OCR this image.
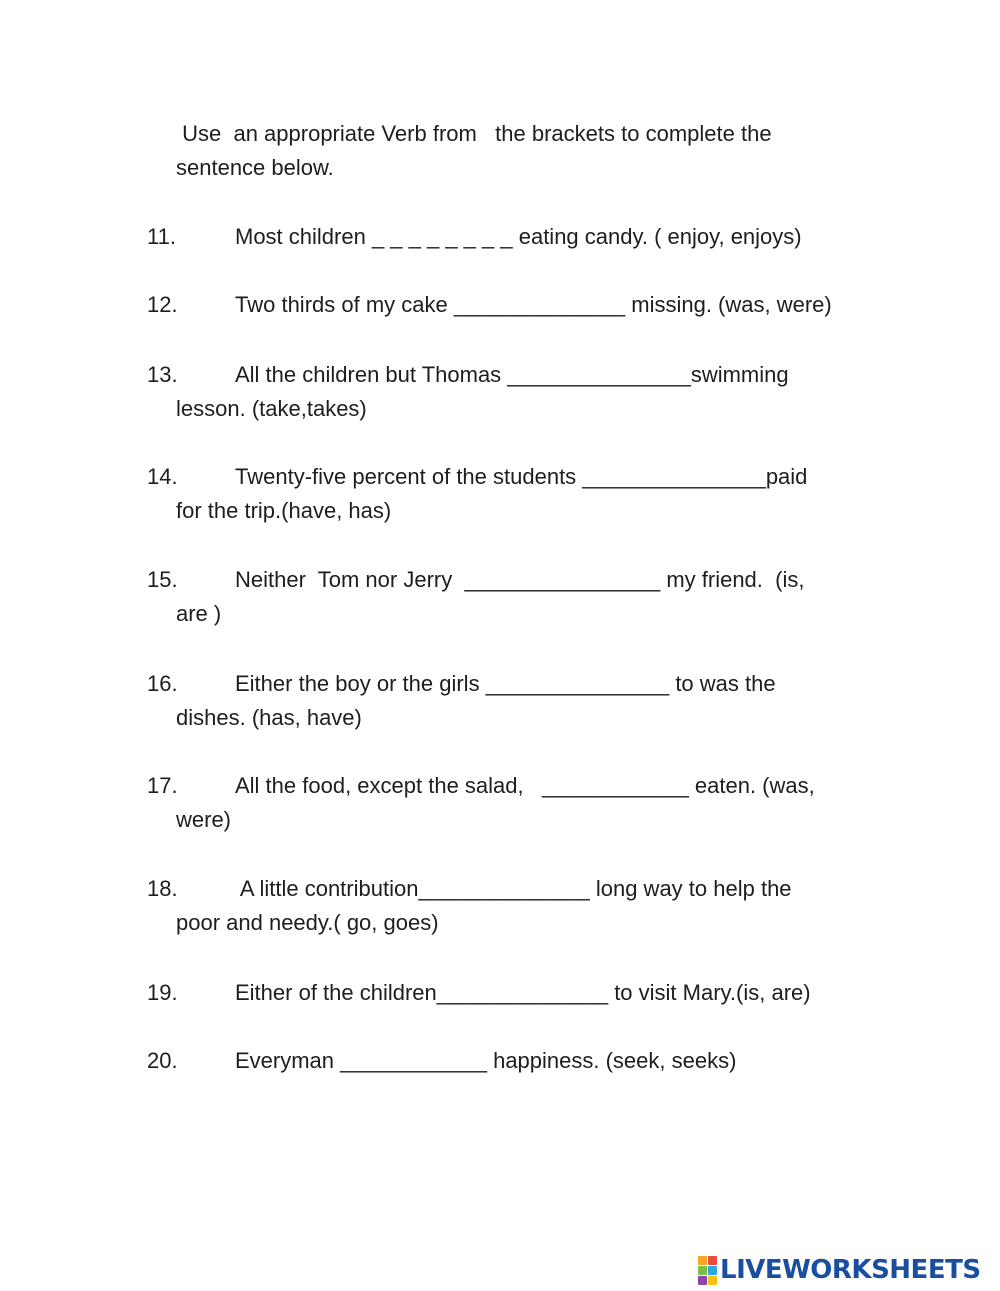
Use  an appropriate Verb from   the brackets to complete the
sentence below.
11.	Most children _ _ _ _ _ _ _ _ eating candy. ( enjoy, enjoys)
12.	Two thirds of my cake ______________ missing. (was, were)
13.	All the children but Thomas _______________swimming
lesson. (take,takes)
14.	Twenty-five percent of the students _______________paid
for the trip.(have, has)
15.	Neither  Tom nor Jerry  ________________ my friend.  (is,
are )
16.	Either the boy or the girls _______________ to was the
dishes. (has, have)
17.	All the food, except the salad,   ____________ eaten. (was,
were)
18.	A little contribution______________ long way to help the
poor and needy.( go, goes)
19.	Either of the children______________ to visit Mary.(is, are)
20.	Everyman ____________ happiness. (seek, seeks)
LIVEWORKSHEETS
